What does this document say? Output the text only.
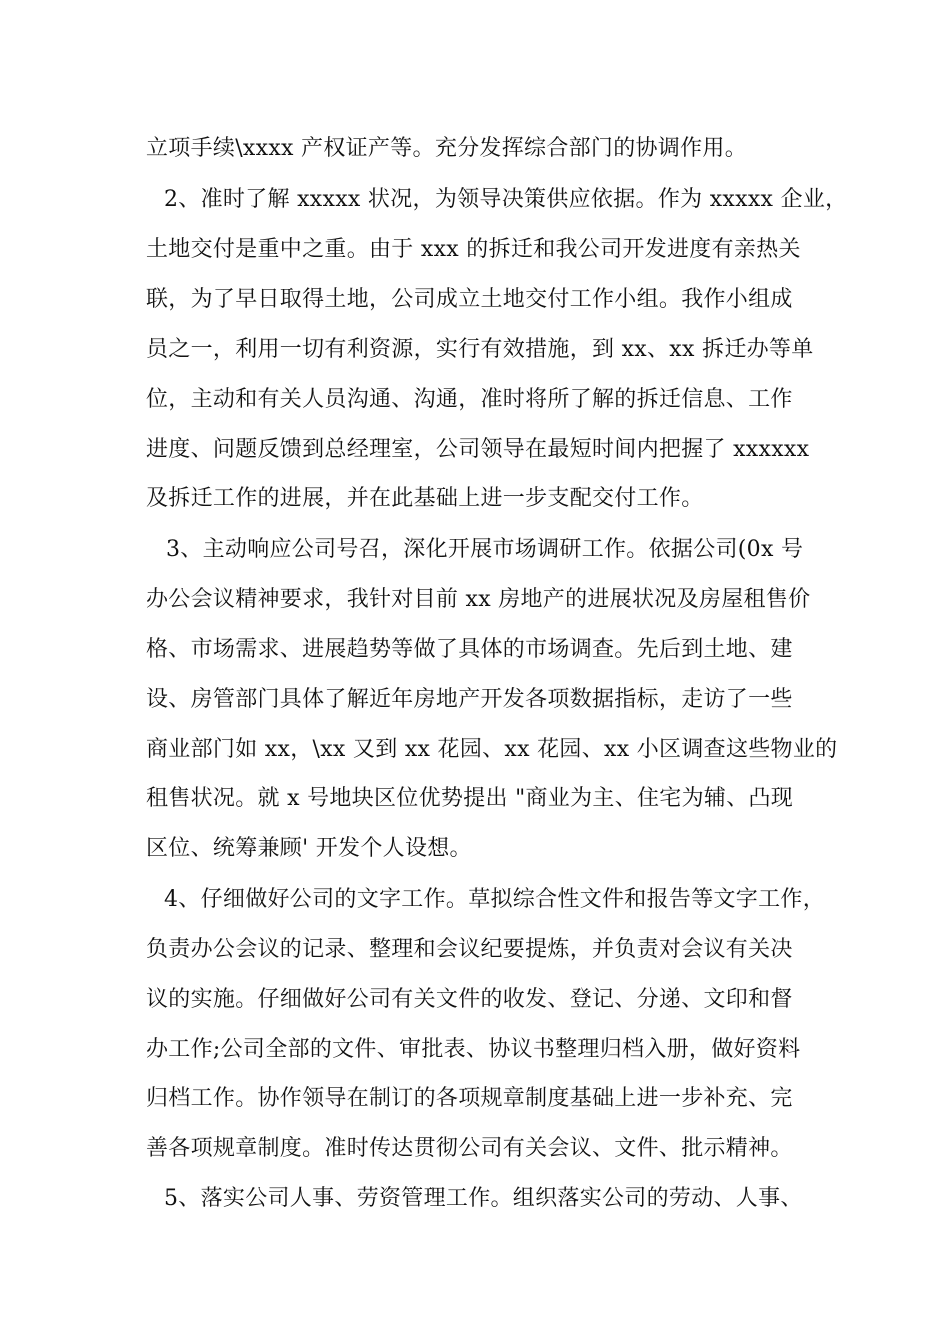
立项手续\xxxx 产权证产等。充分发挥综合部门的协调作用。
2、准时了解 xxxxx 状况，为领导决策供应依据。作为 xxxxx 企业，
土地交付是重中之重。由于 xxx 的拆迁和我公司开发进度有亲热关
联，为了早日取得土地，公司成立土地交付工作小组。我作小组成
员之一，利用一切有利资源，实行有效措施，到 xx、xx 拆迁办等单
位，主动和有关人员沟通、沟通，准时将所了解的拆迁信息、工作
进度、问题反馈到总经理室，公司领导在最短时间内把握了 xxxxxx
及拆迁工作的进展，并在此基础上进一步支配交付工作。
3、主动响应公司号召，深化开展市场调研工作。依据公司(0x 号
办公会议精神要求，我针对目前 xx 房地产的进展状况及房屋租售价
格、市场需求、进展趋势等做了具体的市场调查。先后到土地、建
设、房管部门具体了解近年房地产开发各项数据指标，走访了一些
商业部门如 xx，\xx 又到 xx 花园、xx 花园、xx 小区调查这些物业的
租售状况。就 x 号地块区位优势提出 "商业为主、住宅为辅、凸现
区位、统筹兼顾' 开发个人设想。
4、仔细做好公司的文字工作。草拟综合性文件和报告等文字工作，
负责办公会议的记录、整理和会议纪要提炼，并负责对会议有关决
议的实施。仔细做好公司有关文件的收发、登记、分递、文印和督
办工作;公司全部的文件、审批表、协议书整理归档入册，做好资料
归档工作。协作领导在制订的各项规章制度基础上进一步补充、完
善各项规章制度。准时传达贯彻公司有关会议、文件、批示精神。
5、落实公司人事、劳资管理工作。组织落实公司的劳动、人事、
